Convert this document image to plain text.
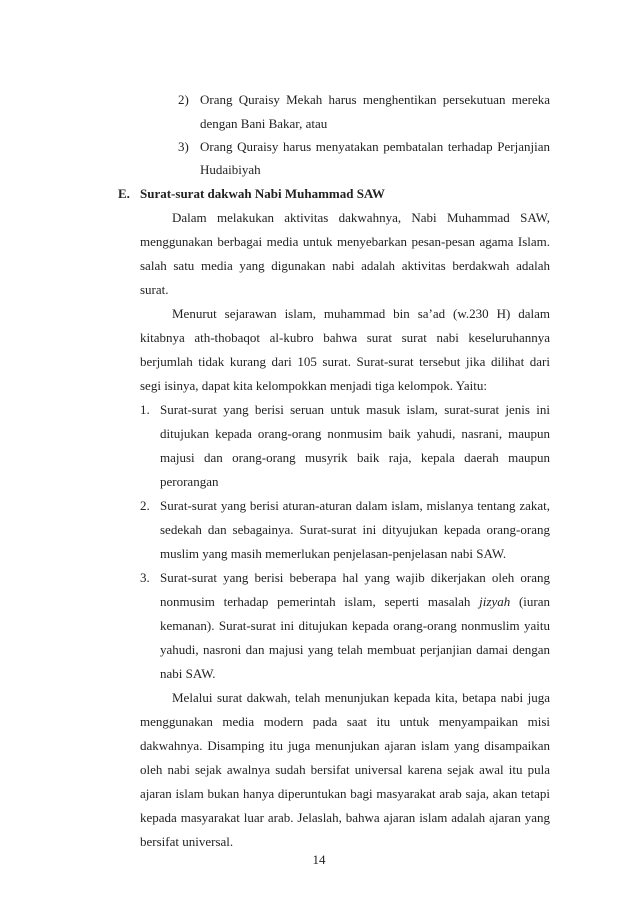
2) Orang Quraisy Mekah harus menghentikan persekutuan mereka
dengan Bani Bakar, atau
3) Orang Quraisy harus menyatakan pembatalan terhadap Perjanjian
Hudaibiyah
E. Surat-surat dakwah Nabi Muhammad SAW
Dalam melakukan aktivitas dakwahnya, Nabi Muhammad SAW,
menggunakan berbagai media untuk menyebarkan pesan-pesan agama Islam.
salah satu media yang digunakan nabi adalah aktivitas berdakwah adalah
surat.
Menurut sejarawan islam, muhammad bin sa’ad (w.230 H) dalam
kitabnya ath-thobaqot al-kubro bahwa surat surat nabi keseluruhannya
berjumlah tidak kurang dari 105 surat. Surat-surat tersebut jika dilihat dari
segi isinya, dapat kita kelompokkan menjadi tiga kelompok. Yaitu:
1. Surat-surat yang berisi seruan untuk masuk islam, surat-surat jenis ini
ditujukan kepada orang-orang nonmusim baik yahudi, nasrani, maupun
majusi dan orang-orang musyrik baik raja, kepala daerah maupun
perorangan
2. Surat-surat yang berisi aturan-aturan dalam islam, mislanya tentang zakat,
sedekah dan sebagainya. Surat-surat ini dityujukan kepada orang-orang
muslim yang masih memerlukan penjelasan-penjelasan nabi SAW.
3. Surat-surat yang berisi beberapa hal yang wajib dikerjakan oleh orang
nonmusim terhadap pemerintah islam, seperti masalah jizyah (iuran
kemanan). Surat-surat ini ditujukan kepada orang-orang nonmuslim yaitu
yahudi, nasroni dan majusi yang telah membuat perjanjian damai dengan
nabi SAW.
Melalui surat dakwah, telah menunjukan kepada kita, betapa nabi juga
menggunakan media modern pada saat itu untuk menyampaikan misi
dakwahnya. Disamping itu juga menunjukan ajaran islam yang disampaikan
oleh nabi sejak awalnya sudah bersifat universal karena sejak awal itu pula
ajaran islam bukan hanya diperuntukan bagi masyarakat arab saja, akan tetapi
kepada masyarakat luar arab. Jelaslah, bahwa ajaran islam adalah ajaran yang
bersifat universal.
14
